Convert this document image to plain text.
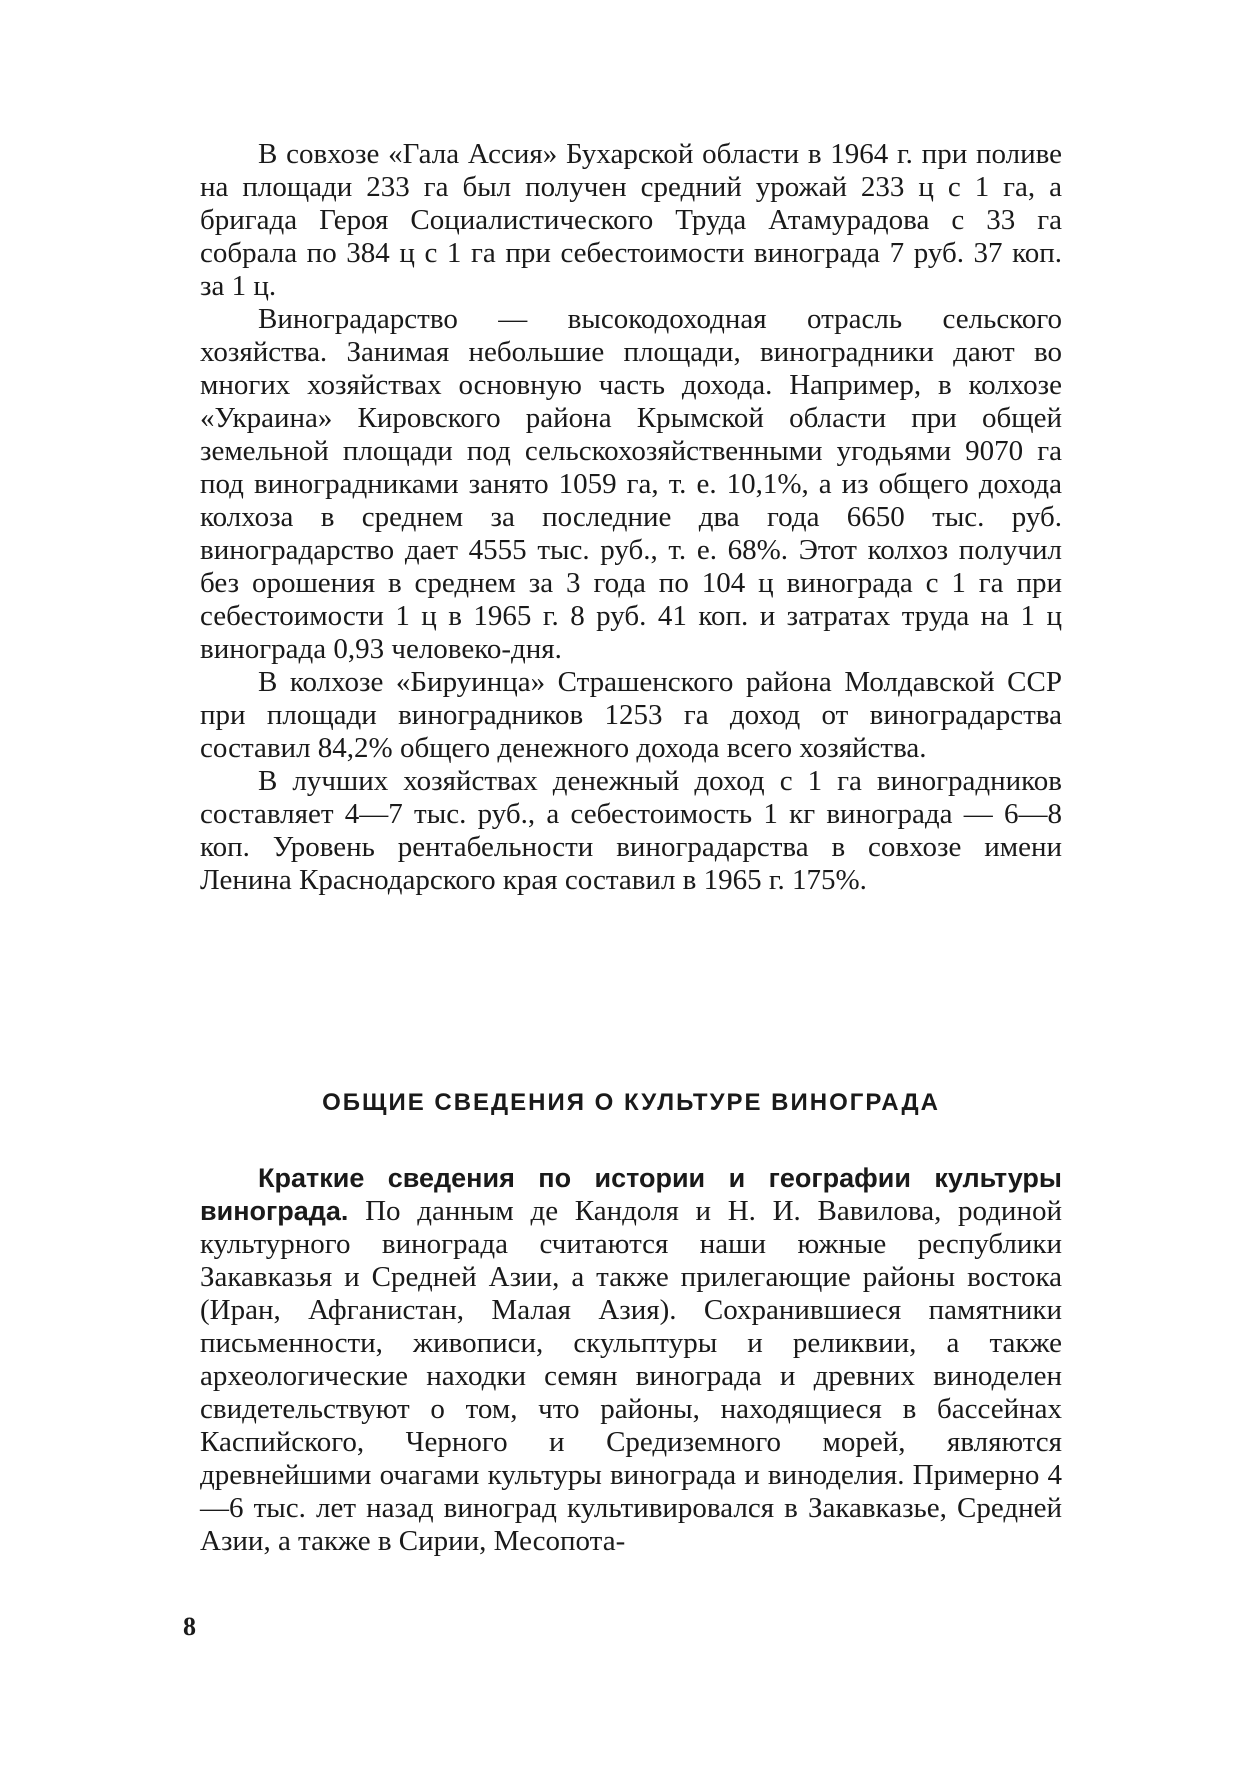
В совхозе «Гала Ассия» Бухарской области в 1964 г. при поливе на площади 233 га был получен средний урожай 233 ц с 1 га, а бригада Героя Социалистического Труда Атамурадова с 33 га собрала по 384 ц с 1 га при себестоимости винограда 7 руб. 37 коп. за 1 ц.

Виноградарство — высокодоходная отрасль сельского хозяйства. Занимая небольшие площади, виноградники дают во многих хозяйствах основную часть дохода. Например, в колхозе «Украина» Кировского района Крымской области при общей земельной площади под сельскохозяйственными угодьями 9070 га под виноградниками занято 1059 га, т. е. 10,1%, а из общего дохода колхоза в среднем за последние два года 6650 тыс. руб. виноградарство дает 4555 тыс. руб., т. е. 68%. Этот колхоз получил без орошения в среднем за 3 года по 104 ц винограда с 1 га при себестоимости 1 ц в 1965 г. 8 руб. 41 коп. и затратах труда на 1 ц винограда 0,93 человеко-дня.

В колхозе «Бируинца» Страшенского района Молдавской ССР при площади виноградников 1253 га доход от виноградарства составил 84,2% общего денежного дохода всего хозяйства.

В лучших хозяйствах денежный доход с 1 га виноградников составляет 4—7 тыс. руб., а себестоимость 1 кг винограда — 6—8 коп. Уровень рентабельности виноградарства в совхозе имени Ленина Краснодарского края составил в 1965 г. 175%.

ОБЩИЕ СВЕДЕНИЯ О КУЛЬТУРЕ ВИНОГРАДА

Краткие сведения по истории и географии культуры винограда. По данным де Кандоля и Н. И. Вавилова, родиной культурного винограда считаются наши южные республики Закавказья и Средней Азии, а также прилегающие районы востока (Иран, Афганистан, Малая Азия). Сохранившиеся памятники письменности, живописи, скульптуры и реликвии, а также археологические находки семян винограда и древних виноделен свидетельствуют о том, что районы, находящиеся в бассейнах Каспийского, Черного и Средиземного морей, являются древнейшими очагами культуры винограда и виноделия. Примерно 4—6 тыс. лет назад виноград культивировался в Закавказье, Средней Азии, а также в Сирии, Месопота-

8
